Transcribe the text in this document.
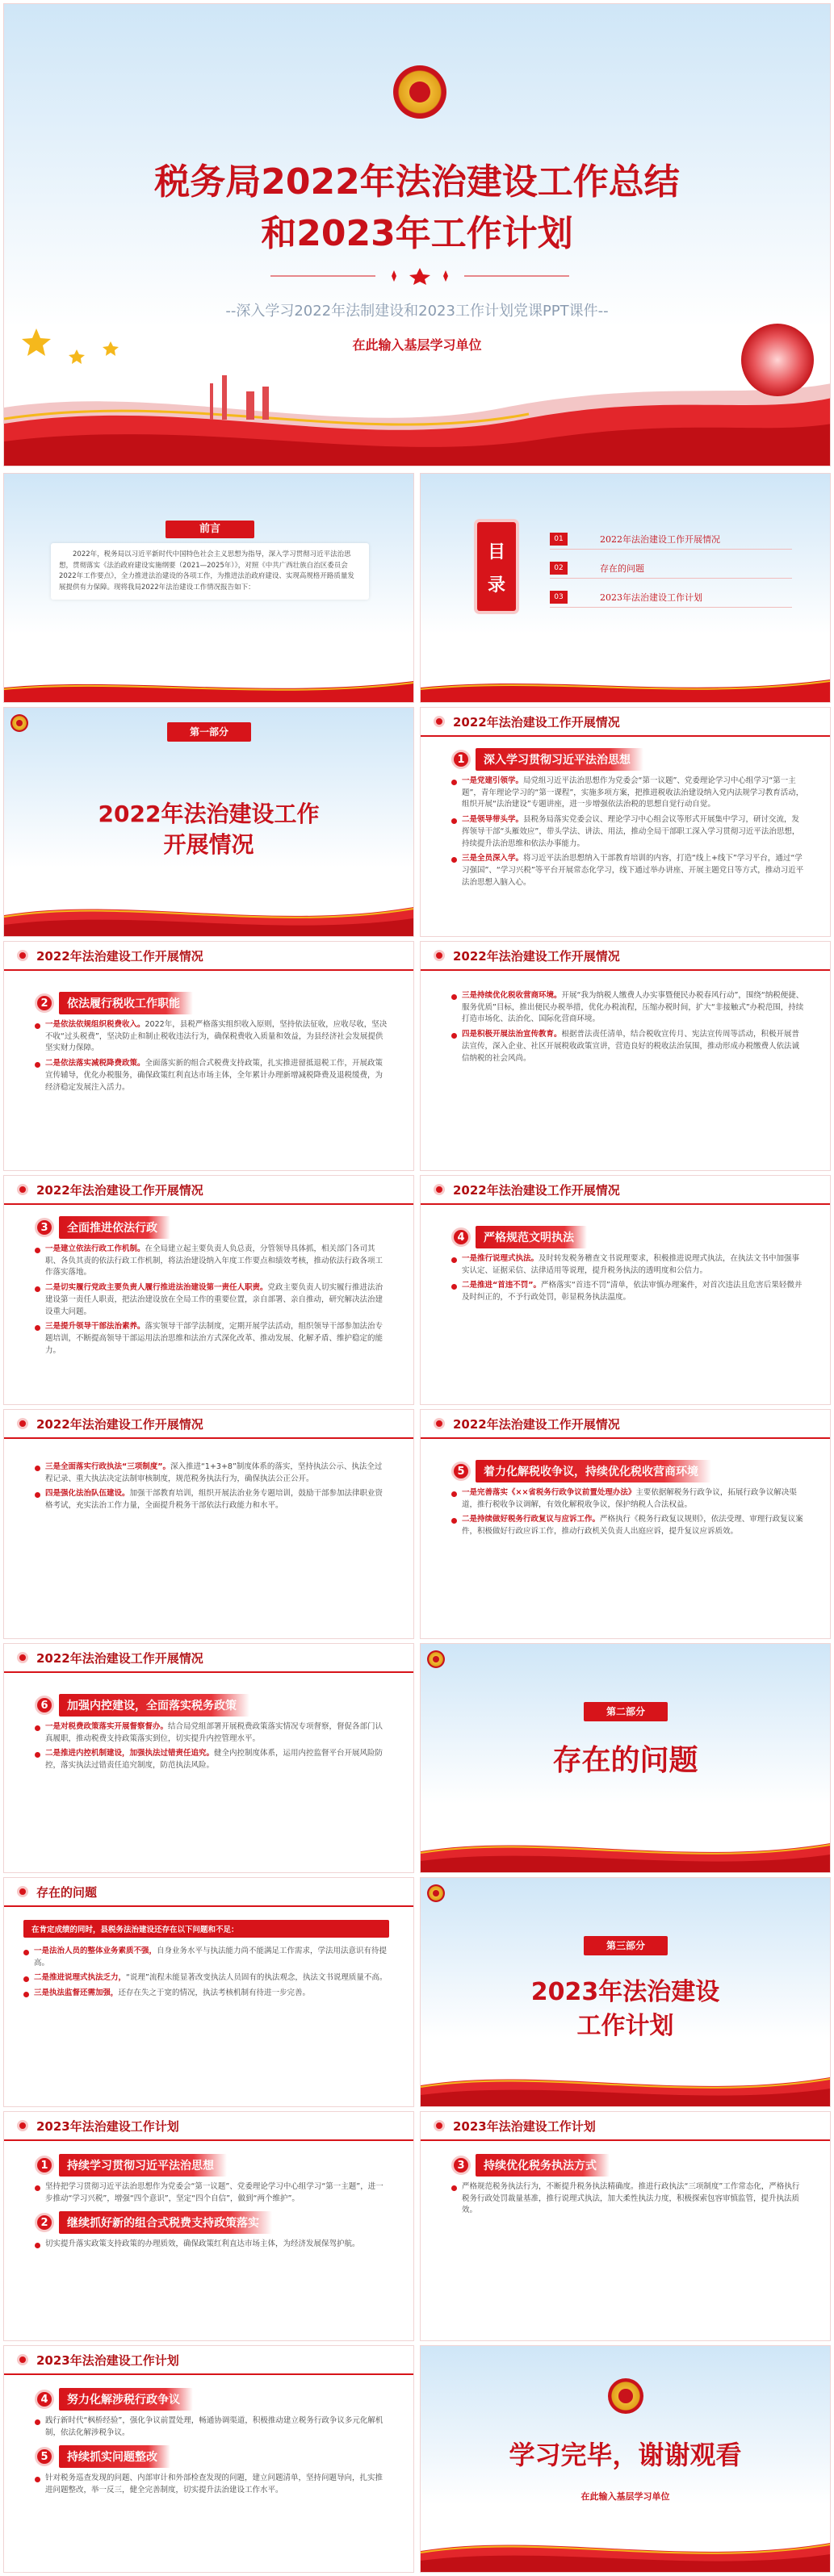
税务局2022年法治建设工作总结
和2023年工作计划
--深入学习2022年法制建设和2023工作计划党课PPT课件--
在此输入基层学习单位
前言
2022年，税务局以习近平新时代中国特色社会主义思想为指导，深入学习贯彻习近平法治思想，贯彻落实《法治政府建设实施纲要（2021—2025年）》，对照《中共广西壮族自治区委员会2022年工作要点》，全力推进法治建设的各项工作，为推进法治政府建设、实现高规格开路质量发展提供有力保障。现将我局2022年法治建设工作情况报告如下：
目
录
01	2022年法治建设工作开展情况
02	存在的问题
03	2023年法治建设工作计划
第一部分
2022年法治建设工作
开展情况
2022年法治建设工作开展情况
1	深入学习贯彻习近平法治思想
一是党建引领学。局党组习近平法治思想作为党委会“第一议题”、党委理论学习中心组学习“第一主题”，青年理论学习的“第一课程”，实施多项方案，把推进税收法治建设纳入党内法规学习教育活动，组织开展“法治建设”专题讲座，进一步增强依法治税的思想自觉行动自觉。
二是领导带头学。县税务局落实党委会议、理论学习中心组会议等形式开展集中学习，研讨交流，发挥领导干部“头雁效应”，带头学法、讲法、用法，推动全局干部职工深入学习贯彻习近平法治思想，持续提升法治思维和依法办事能力。
三是全员深入学。将习近平法治思想纳入干部教育培训的内容，打造“线上+线下”学习平台，通过“学习强国”、“学习兴税”等平台开展常态化学习，线下通过举办讲座、开展主题党日等方式，推动习近平法治思想入脑入心。
2022年法治建设工作开展情况
2	依法履行税收工作职能
一是依法依规组织税费收入。2022年，县税严格落实组织收入原则，坚持依法征收，应收尽收，坚决不收“过头税费”，坚决防止和制止税收违法行为，确保税费收入质量和效益，为县经济社会发展提供坚实财力保障。
二是依法落实减税降费政策。全面落实新的组合式税费支持政策，扎实推进留抵退税工作，开展政策宣传辅导，优化办税服务，确保政策红利直达市场主体，全年累计办理新增减税降费及退税缓费，为经济稳定发展注入活力。
2022年法治建设工作开展情况
三是持续优化税收营商环境。开展“我为纳税人缴费人办实事暨便民办税春风行动”，围绕“纳税便捷、服务优质”目标，推出便民办税举措，优化办税流程，压缩办税时间，扩大“非接触式”办税范围，持续打造市场化、法治化、国际化营商环境。
四是积极开展法治宣传教育。根据普法责任清单，结合税收宣传月、宪法宣传周等活动，积极开展普法宣传，深入企业、社区开展税收政策宣讲，营造良好的税收法治氛围，推动形成办税缴费人依法诚信纳税的社会风尚。
2022年法治建设工作开展情况
3	全面推进依法行政
一是建立依法行政工作机制。在全局建立起主要负责人负总责，分管领导具体抓，相关部门各司其职、各负其责的依法行政工作机制，将法治建设纳入年度工作要点和绩效考核，推动依法行政各项工作落实落地。
二是切实履行党政主要负责人履行推进法治建设第一责任人职责。党政主要负责人切实履行推进法治建设第一责任人职责，把法治建设放在全局工作的重要位置，亲自部署、亲自推动，研究解决法治建设重大问题。
三是提升领导干部法治素养。落实领导干部学法制度，定期开展学法活动，组织领导干部参加法治专题培训，不断提高领导干部运用法治思维和法治方式深化改革、推动发展、化解矛盾、维护稳定的能力。
2022年法治建设工作开展情况
4	严格规范文明执法
一是推行说理式执法。及时转发税务稽查文书说理要求，积极推进说理式执法，在执法文书中加强事实认定、证据采信、法律适用等说理，提升税务执法的透明度和公信力。
二是推进“首违不罚”。严格落实“首违不罚”清单，依法审慎办理案件，对首次违法且危害后果轻微并及时纠正的，不予行政处罚，彰显税务执法温度。
2022年法治建设工作开展情况
三是全面落实行政执法“三项制度”。深入推进“1+3+8”制度体系的落实，坚持执法公示、执法全过程记录、重大执法决定法制审核制度，规范税务执法行为，确保执法公正公开。
四是强化法治队伍建设。加强干部教育培训，组织开展法治业务专题培训，鼓励干部参加法律职业资格考试，充实法治工作力量，全面提升税务干部依法行政能力和水平。
2022年法治建设工作开展情况
5	着力化解税收争议，持续优化税收营商环境
一是完善落实《××省税务行政争议前置处理办法》主要依据解税务行政争议，拓展行政争议解决渠道，推行税收争议调解，有效化解税收争议，保护纳税人合法权益。
二是持续做好税务行政复议与应诉工作。严格执行《税务行政复议规则》，依法受理、审理行政复议案件，积极做好行政应诉工作，推动行政机关负责人出庭应诉，提升复议应诉质效。
2022年法治建设工作开展情况
6	加强内控建设，全面落实税务政策
一是对税费政策落实开展督察督办。结合局党组部署开展税费政策落实情况专项督察，督促各部门认真履职，推动税费支持政策落实到位，切实提升内控管理水平。
二是推进内控机制建设，加强执法过错责任追究。健全内控制度体系，运用内控监督平台开展风险防控，落实执法过错责任追究制度，防范执法风险。
第二部分
存在的问题
存在的问题
在肯定成绩的同时，县税务法治建设还存在以下问题和不足：
一是法治人员的整体业务素质不强，自身业务水平与执法能力尚不能满足工作需求，学法用法意识有待提高。
二是推进说理式执法乏力，“说理”流程未能显著改变执法人员固有的执法观念，执法文书说理质量不高。
三是执法监督还需加强，还存在失之于宽的情况，执法考核机制有待进一步完善。
第三部分
2023年法治建设
工作计划
2023年法治建设工作计划
1	持续学习贯彻习近平法治思想
坚持把学习贯彻习近平法治思想作为党委会“第一议题”、党委理论学习中心组学习“第一主题”，进一步推动“学习兴税”，增强“四个意识”，坚定“四个自信”，做到“两个维护”。
2	继续抓好新的组合式税费支持政策落实
切实提升落实政策支持政策的办理质效，确保政策红利直达市场主体，为经济发展保驾护航。
2023年法治建设工作计划
3	持续优化税务执法方式
严格规范税务执法行为，不断提升税务执法精确度。推进行政执法“三项制度”工作常态化，严格执行税务行政处罚裁量基准，推行说理式执法，加大柔性执法力度，积极探索包容审慎监管，提升执法质效。
2023年法治建设工作计划
4	努力化解涉税行政争议
践行新时代“枫桥经验”，强化争议前置处理，畅通协调渠道，积极推动建立税务行政争议多元化解机制，依法化解涉税争议。
5	持续抓实问题整改
针对税务巡查发现的问题、内部审计和外部检查发现的问题，建立问题清单，坚持问题导向，扎实推进问题整改，举一反三，健全完善制度，切实提升法治建设工作水平。
学习完毕，谢谢观看
在此输入基层学习单位
